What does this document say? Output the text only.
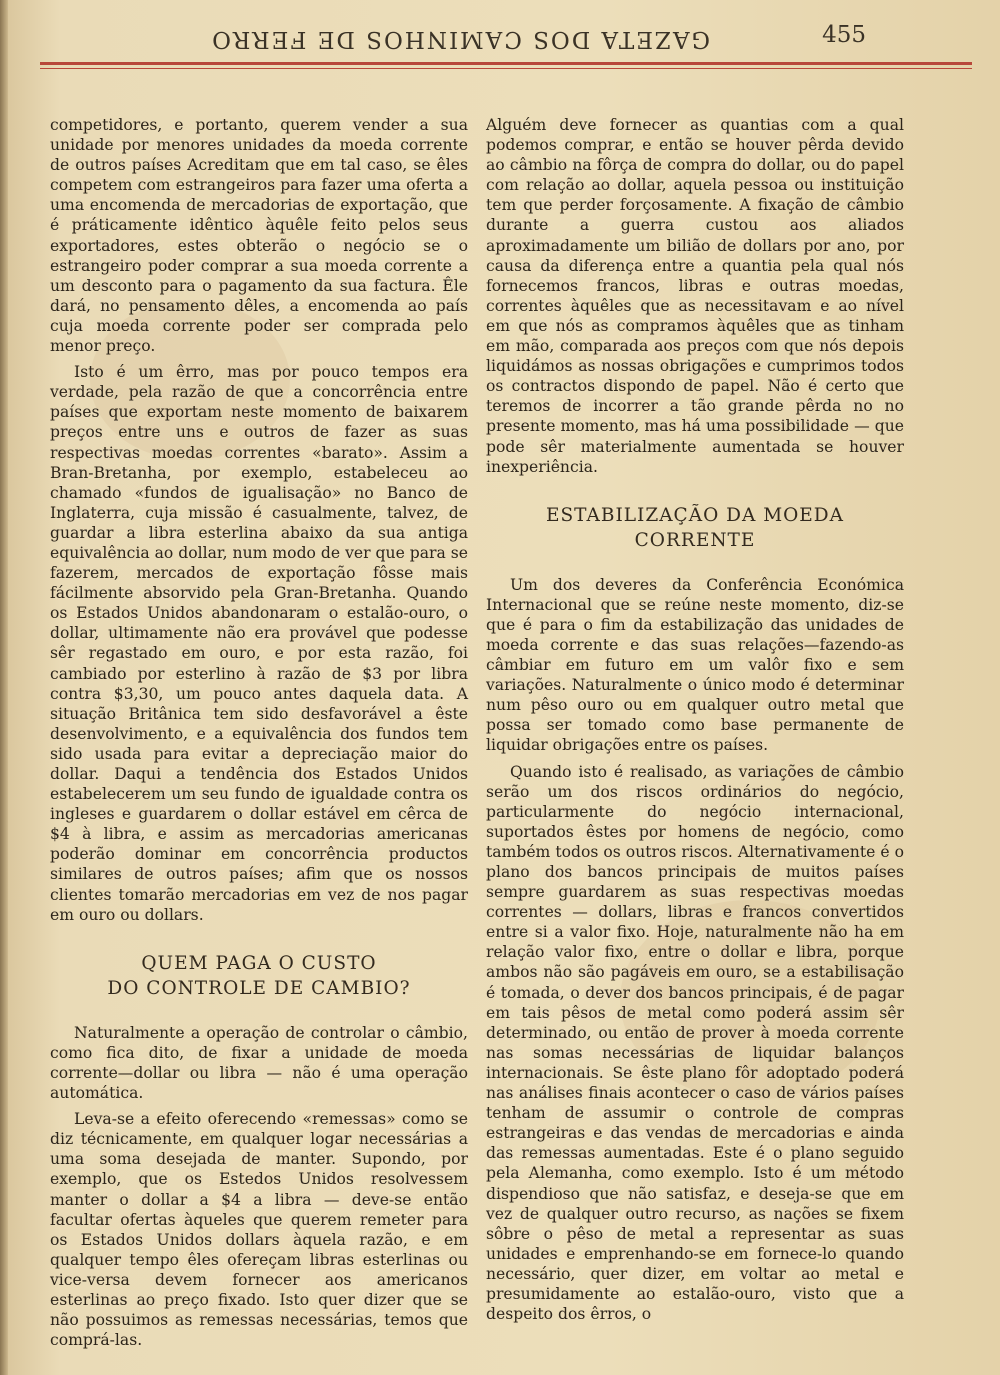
GAZETA DOS CAMINHOS DE FERRO	455

competidores, e portanto, querem vender a sua unidade por menores unidades da moeda corrente de outros países Acreditam que em tal caso, se êles competem com estrangeiros para fazer uma oferta a uma encomenda de mercadorias de exportação, que é práticamente idêntico àquêle feito pelos seus exportadores, estes obterão o negócio se o estrangeiro poder comprar a sua moeda corrente a um desconto para o pagamento da sua factura. Êle dará, no pensamento dêles, a encomenda ao país cuja moeda corrente poder ser comprada pelo menor preço.

Isto é um êrro, mas por pouco tempos era verdade, pela razão de que a concorrência entre países que exportam neste momento de baixarem preços entre uns e outros de fazer as suas respectivas moedas correntes «barato». Assim a Bran-Bretanha, por exemplo, estabeleceu ao chamado «fundos de igualisação» no Banco de Inglaterra, cuja missão é casualmente, talvez, de guardar a libra esterlina abaixo da sua antiga equivalência ao dollar, num modo de ver que para se fazerem, mercados de exportação fôsse mais fácilmente absorvido pela Gran-Bretanha. Quando os Estados Unidos abandonaram o estalão-ouro, o dollar, ultimamente não era provável que podesse sêr regastado em ouro, e por esta razão, foi cambiado por esterlino à razão de $3 por libra contra $3,30, um pouco antes daquela data. A situação Britânica tem sido desfavorável a êste desenvolvimento, e a equivalência dos fundos tem sido usada para evitar a depreciação maior do dollar. Daqui a tendência dos Estados Unidos estabelecerem um seu fundo de igualdade contra os ingleses e guardarem o dollar estável em cêrca de $4 à libra, e assim as mercadorias americanas poderão dominar em concorrência productos similares de outros países; afim que os nossos clientes tomarão mercadorias em vez de nos pagar em ouro ou dollars.

QUEM PAGA O CUSTO
DO CONTROLE DE CAMBIO?

Naturalmente a operação de controlar o câmbio, como fica dito, de fixar a unidade de moeda corrente—dollar ou libra — não é uma operação automática.

Leva-se a efeito oferecendo «remessas» como se diz técnicamente, em qualquer logar necessárias a uma soma desejada de manter. Supondo, por exemplo, que os Estedos Unidos resolvessem manter o dollar a $4 a libra — deve-se então facultar ofertas àqueles que querem remeter para os Estados Unidos dollars àquela razão, e em qualquer tempo êles ofereçam libras esterlinas ou vice-versa devem fornecer aos americanos esterlinas ao preço fixado. Isto quer dizer que se não possuimos as remessas necessárias, temos que comprá-las.

Alguém deve fornecer as quantias com a qual podemos comprar, e então se houver pêrda devido ao câmbio na fôrça de compra do dollar, ou do papel com relação ao dollar, aquela pessoa ou instituição tem que perder forçosamente. A fixação de câmbio durante a guerra custou aos aliados aproximadamente um bilião de dollars por ano, por causa da diferença entre a quantia pela qual nós fornecemos francos, libras e outras moedas, correntes àquêles que as necessitavam e ao nível em que nós as compramos àquêles que as tinham em mão, comparada aos preços com que nós depois liquidámos as nossas obrigações e cumprimos todos os contractos dispondo de papel. Não é certo que teremos de incorrer a tão grande pêrda no no presente momento, mas há uma possibilidade — que pode sêr materialmente aumentada se houver inexperiência.

ESTABILIZAÇÃO DA MOEDA
CORRENTE

Um dos deveres da Conferência Económica Internacional que se reúne neste momento, diz-se que é para o fim da estabilização das unidades de moeda corrente e das suas relações—fazendo-as câmbiar em futuro em um valôr fixo e sem variações. Naturalmente o único modo é determinar num pêso ouro ou em qualquer outro metal que possa ser tomado como base permanente de liquidar obrigações entre os países.

Quando isto é realisado, as variações de câmbio serão um dos riscos ordinários do negócio, particularmente do negócio internacional, suportados êstes por homens de negócio, como também todos os outros riscos. Alternativamente é o plano dos bancos principais de muitos países sempre guardarem as suas respectivas moedas correntes — dollars, libras e francos convertidos entre si a valor fixo. Hoje, naturalmente não ha em relação valor fixo, entre o dollar e libra, porque ambos não são pagáveis em ouro, se a estabilisação é tomada, o dever dos bancos principais, é de pagar em tais pêsos de metal como poderá assim sêr determinado, ou então de prover à moeda corrente nas somas necessárias de liquidar balanços internacionais. Se êste plano fôr adoptado poderá nas análises finais acontecer o caso de vários países tenham de assumir o controle de compras estrangeiras e das vendas de mercadorias e ainda das remessas aumentadas. Este é o plano seguido pela Alemanha, como exemplo. Isto é um método dispendioso que não satisfaz, e deseja-se que em vez de qualquer outro recurso, as nações se fixem sôbre o pêso de metal a representar as suas unidades e emprenhando-se em fornece-lo quando necessário, quer dizer, em voltar ao metal e presumidamente ao estalão-ouro, visto que a despeito dos êrros, o
